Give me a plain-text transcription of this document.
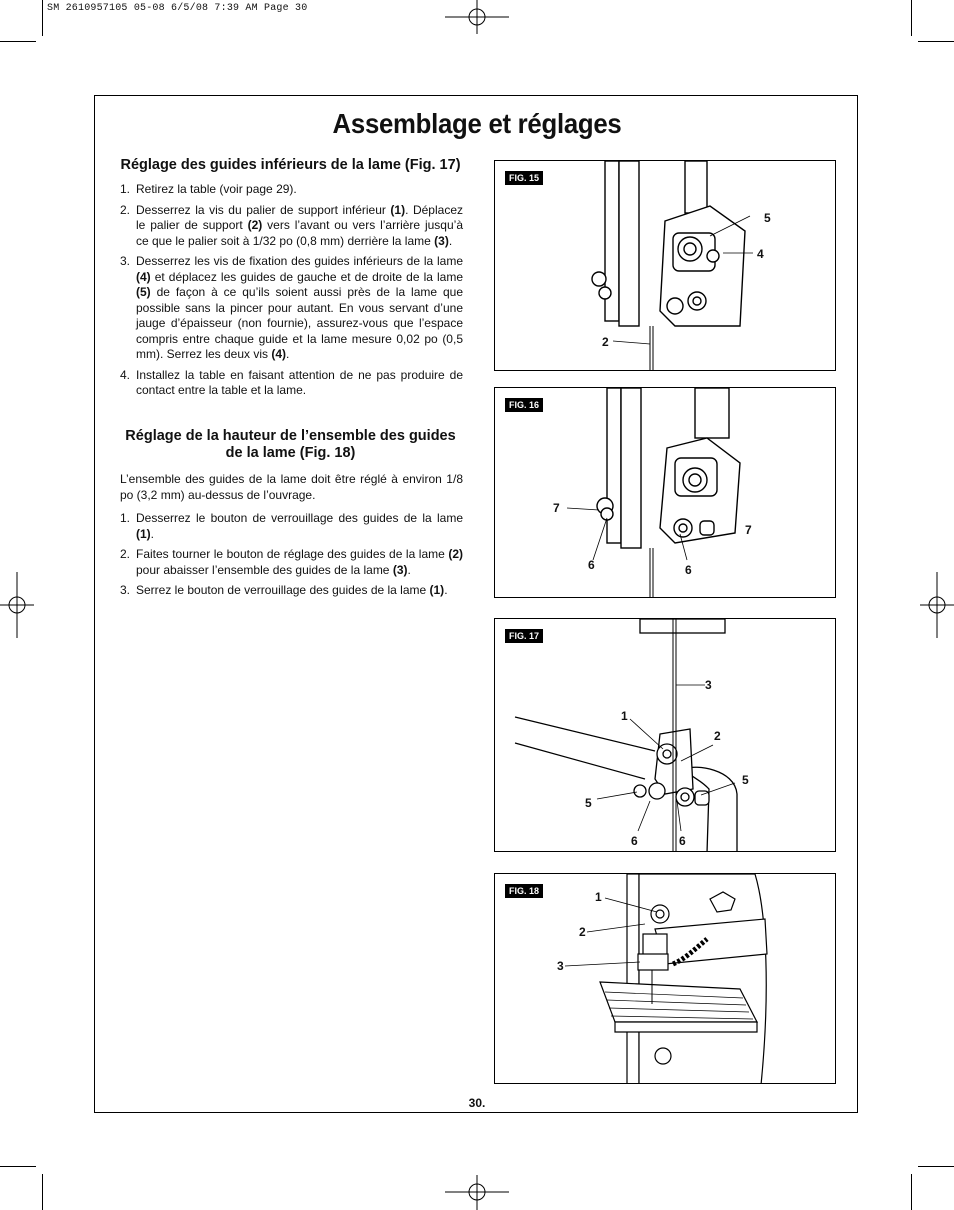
SM 2610957105 05-08 6/5/08 7:39 AM Page 30
Assemblage et réglages
Réglage des guides inférieurs de la lame (Fig. 17)
1. Retirez la table (voir page 29).
2. Desserrez la vis du palier de support inférieur (1). Déplacez le palier de support (2) vers l’avant ou vers l’arrière jusqu’à ce que le palier soit à 1/32 po (0,8 mm) derrière la lame (3).
3. Desserrez les vis de fixation des guides inférieurs de la lame (4) et déplacez les guides de gauche et de droite de la lame (5) de façon à ce qu’ils soient aussi près de la lame que possible sans la pincer pour autant. En vous servant d’une jauge d’épaisseur (non fournie), assurez-vous que l’espace compris entre chaque guide et la lame mesure 0,02 po (0,5 mm). Serrez les deux vis (4).
4. Installez la table en faisant attention de ne pas produire de contact entre la table et la lame.
Réglage de la hauteur de l’ensemble des guides de la lame (Fig. 18)

L’ensemble des guides de la lame doit être réglé à environ 1/8 po (3,2 mm) au-dessus de l’ouvrage.

1. Desserrez le bouton de verrouillage des guides de la lame (1).
2. Faites tourner le bouton de réglage des guides de la lame (2) pour abaisser l’ensemble des guides de la lame (3).
3. Serrez le bouton de verrouillage des guides de la lame (1).
FIG. 15
5
4
2
FIG. 16
7
7
6	6
FIG. 17
3
1
2
5
5
6	6
FIG. 18	1
2
3
30.
